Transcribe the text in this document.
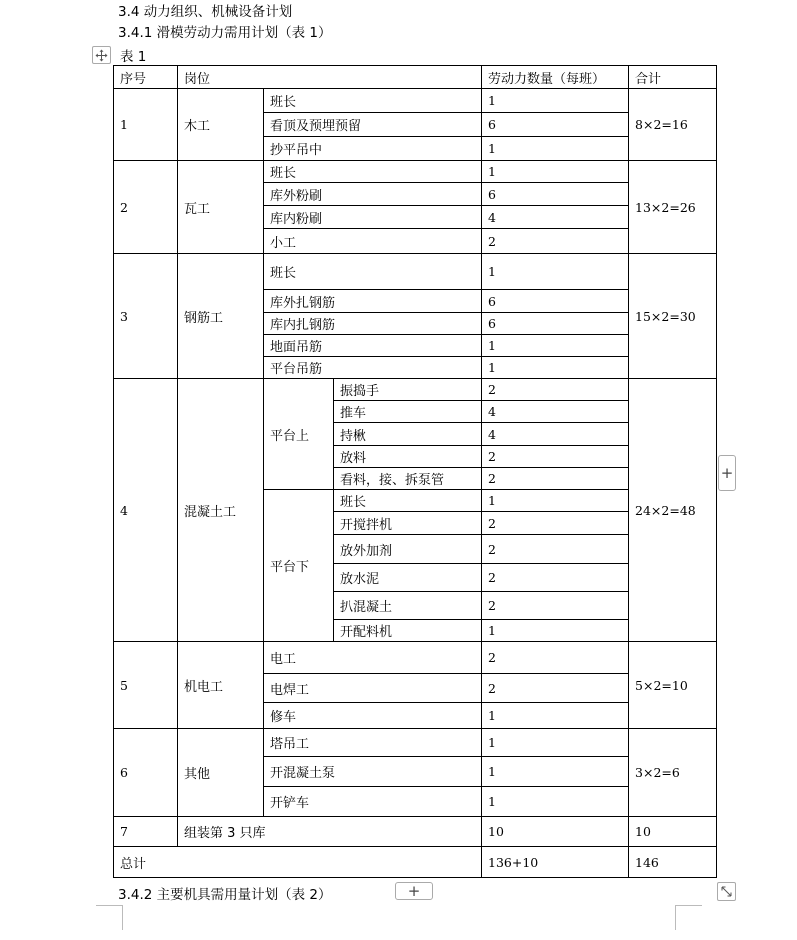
3.4 动力组织、机械设备计划
3.4.1 滑模劳动力需用计划（表 1）
表 1
序号	岗位			劳动力数量（每班）	合计
1	木工	班长		1	8×2=16
		看顶及预埋预留		6	
		抄平吊中		1	
2	瓦工	班长		1	13×2=26
		库外粉刷		6	
		库内粉刷		4	
		小工		2	
3	钢筋工	班长		1	15×2=30
		库外扎钢筋		6	
		库内扎钢筋		6	
		地面吊筋		1	
		平台吊筋		1	
4	混凝土工	平台上	振捣手	2	24×2=48
			推车	4	
			持楸	4	
			放料	2	
			看料，接、拆泵管	2	
		平台下	班长	1	
			开搅拌机	2	
			放外加剂	2	
			放水泥	2	
			扒混凝土	2	
			开配料机	1	
5	机电工	电工		2	5×2=10
		电焊工		2	
		修车		1	
6	其他	塔吊工		1	3×2=6
		开混凝土泵		1	
		开铲车		1	
7	组装第 3 只库			10	10
总计				136+10	146
+
3.4.2 主要机具需用量计划（表 2）	+
